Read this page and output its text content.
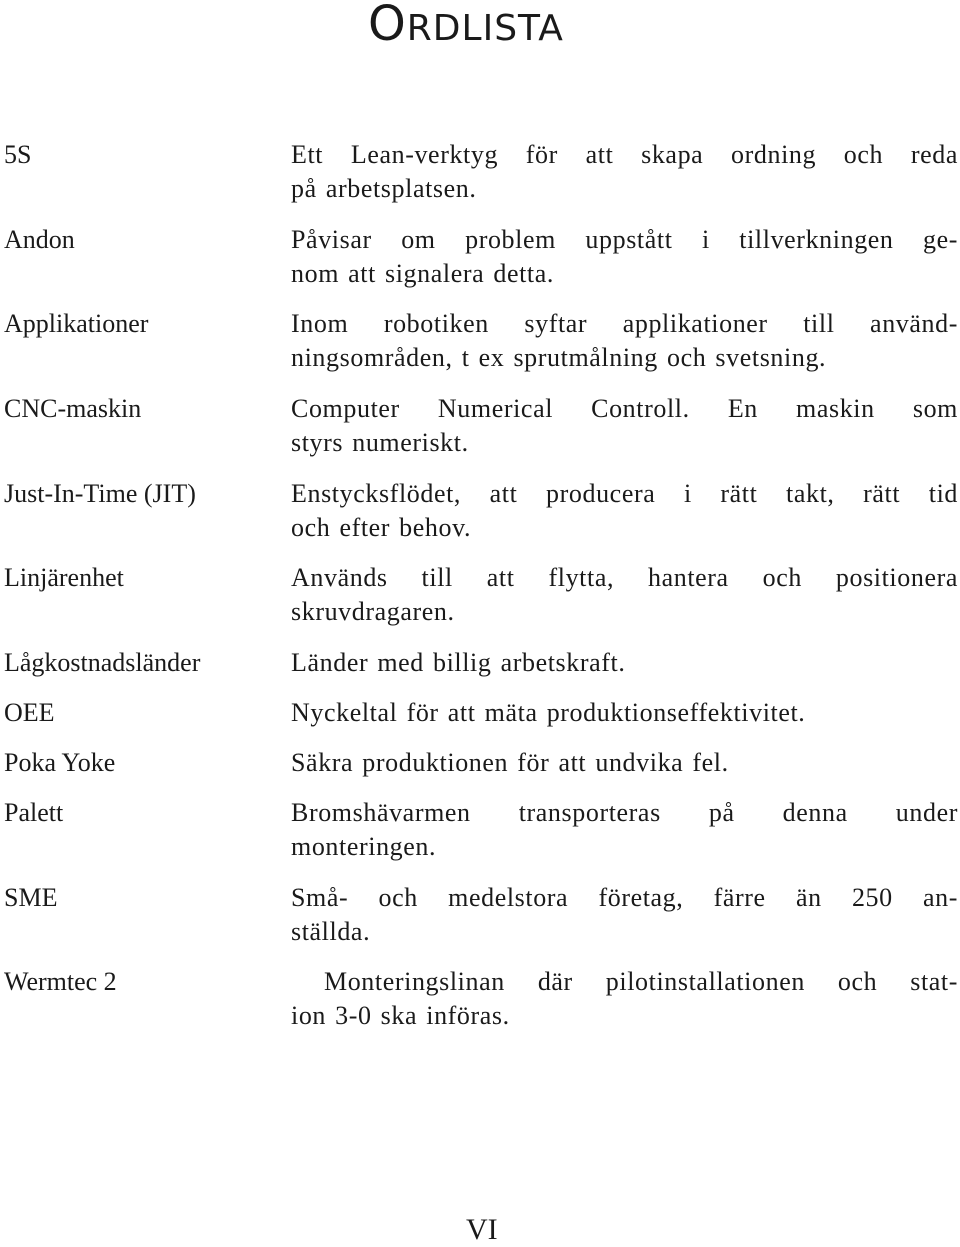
ORDLISTA
5S	Ett Lean-verktyg för att skapa ordning och reda
på arbetsplatsen.
Andon	Påvisar om problem uppstått i tillverkningen ge-
nom att signalera detta.
Applikationer	Inom robotiken syftar applikationer till använd-
ningsområden, t ex sprutmålning och svetsning.
CNC-maskin	Computer Numerical Controll. En maskin som
styrs numeriskt.
Just-In-Time (JIT)	Enstycksflödet, att producera i rätt takt, rätt tid
och efter behov.
Linjärenhet	Används till att flytta, hantera och positionera
skruvdragaren.
Lågkostnadsländer	Länder med billig arbetskraft.
OEE	Nyckeltal för att mäta produktionseffektivitet.
Poka Yoke	Säkra produktionen för att undvika fel.
Palett	Bromshävarmen transporteras på denna under
monteringen.
SME	Små- och medelstora företag, färre än 250 an-
ställda.
Wermtec 2	Monteringslinan där pilotinstallationen och stat-
ion 3-0 ska införas.
VI
